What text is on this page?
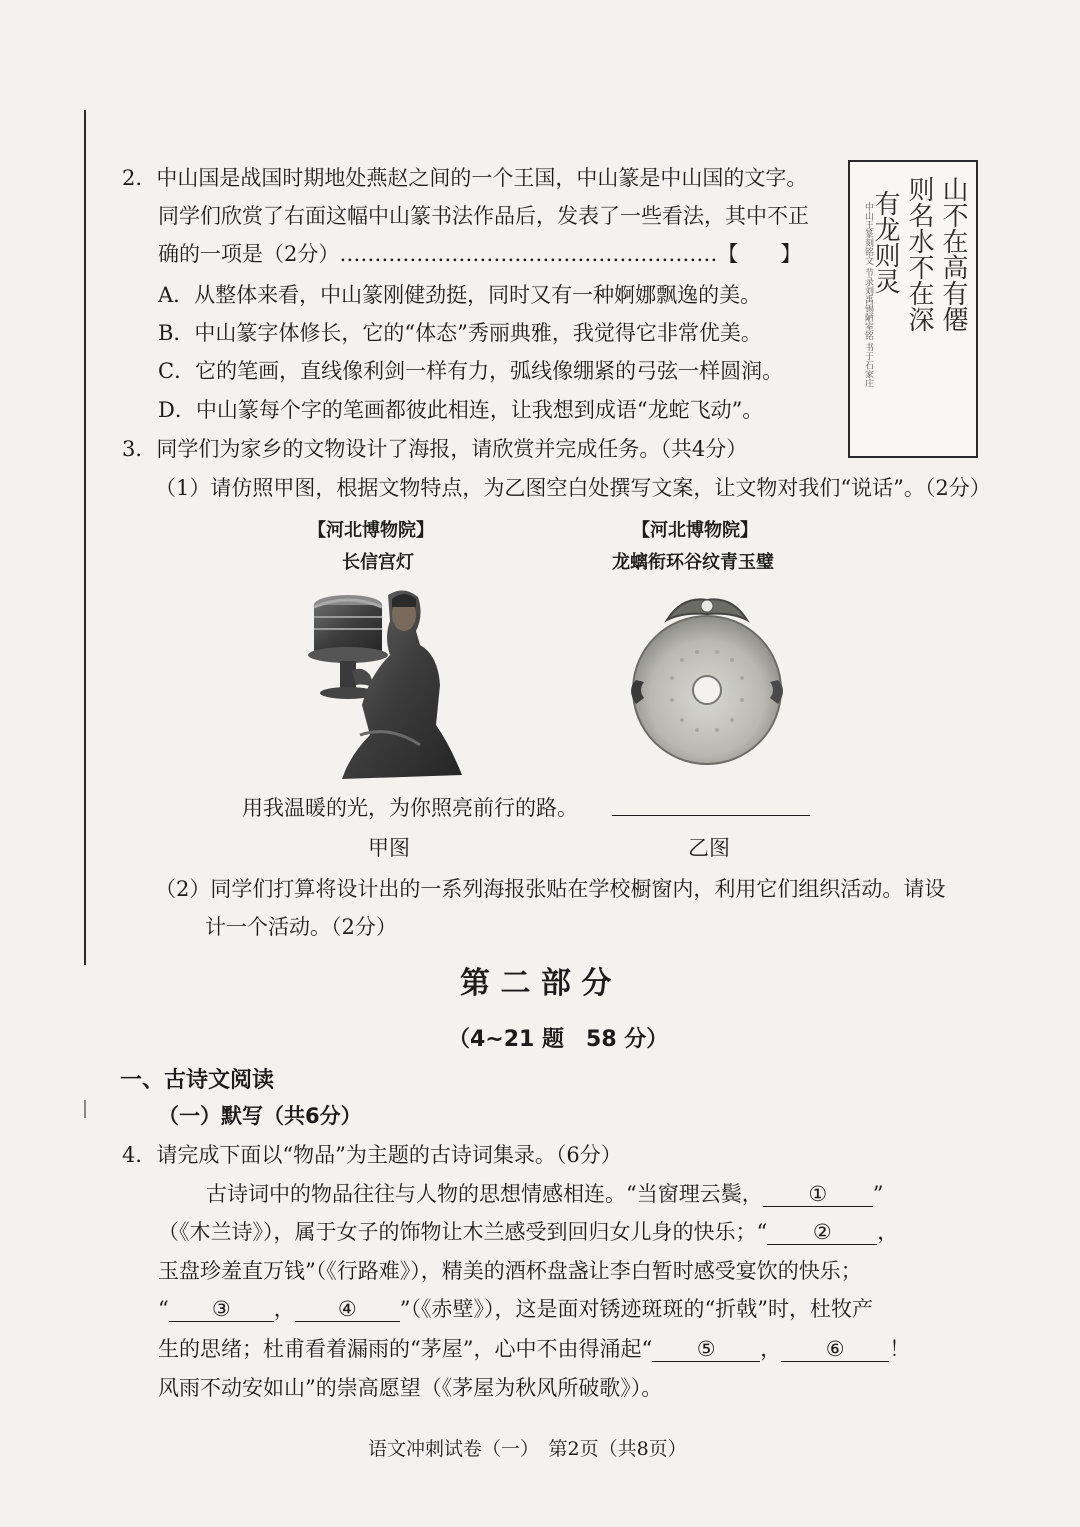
2．中山国是战国时期地处燕赵之间的一个王国，中山篆是中山国的文字。
同学们欣赏了右面这幅中山篆书法作品后，发表了一些看法，其中不正
确的一项是（2分）………………………………………………【　　】
A．从整体来看，中山篆刚健劲挺，同时又有一种婀娜飘逸的美。
B．中山篆字体修长，它的“体态”秀丽典雅，我觉得它非常优美。
C．它的笔画，直线像利剑一样有力，弧线像绷紧的弓弦一样圆润。
D．中山篆每个字的笔画都彼此相连，让我想到成语“龙蛇飞动”。
山不在高有僊
则名水不在深
有龙则灵
中山王篆刻铭文 节录刘禹锡陋室铭 书于石家庄
3．同学们为家乡的文物设计了海报，请欣赏并完成任务。（共4分）
（1）请仿照甲图，根据文物特点，为乙图空白处撰写文案，让文物对我们“说话”。（2分）
【河北博物院】
长信宫灯
【河北博物院】
龙螭衔环谷纹青玉璧
用我温暖的光，为你照亮前行的路。
甲图	乙图
（2）同学们打算将设计出的一系列海报张贴在学校橱窗内，利用它们组织活动。请设
计一个活动。（2分）
第 二 部 分
（4~21 题　58 分）
一、古诗文阅读
（一）默写（共6分）
4．请完成下面以“物品”为主题的古诗词集录。（6分）
古诗词中的物品往往与人物的思想情感相连。“当窗理云鬓， ① ”
（《木兰诗》），属于女子的饰物让木兰感受到回归女儿身的快乐；“ ② ，
玉盘珍羞直万钱”（《行路难》），精美的酒杯盘盏让李白暂时感受宴饮的快乐；
“ ③ ， ④ ”（《赤壁》），这是面对锈迹斑斑的“折戟”时，杜牧产
生的思绪；杜甫看着漏雨的“茅屋”，心中不由得涌起“ ⑤ ， ⑥ ！
风雨不动安如山”的崇高愿望（《茅屋为秋风所破歌》）。
语文冲刺试卷（一）　第2页（共8页）
